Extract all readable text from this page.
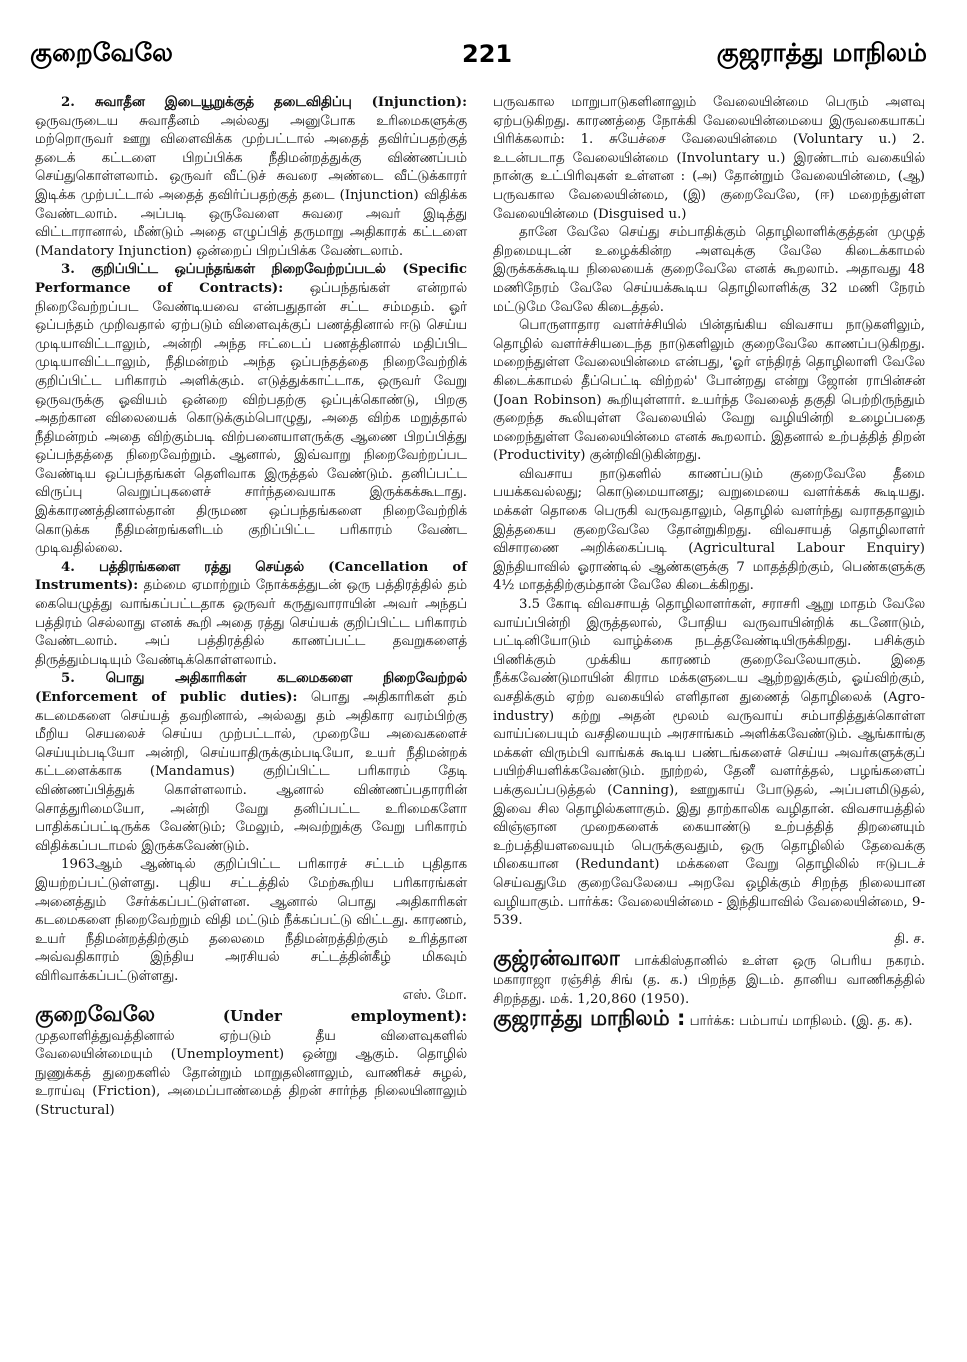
குறைவேலே	221	குஜராத்து மாநிலம்

2. சுவாதீன இடையூறுக்குத் தடைவிதிப்பு (Injunction): ஒருவருடைய சுவாதீனம் அல்லது அனுபோக உரிமைகளுக்கு மற்றொருவர் ஊறு விளைவிக்க முற்பட்டால் அதைத் தவிர்ப்பதற்குத் தடைக் கட்டளை பிறப்பிக்க நீதிமன்றத்துக்கு விண்ணப்பம் செய்துகொள்ளலாம். ஒருவர் வீட்டுச் சுவரை அண்டை வீட்டுக்காரர் இடிக்க முற்பட்டால் அதைத் தவிர்ப்பதற்குத் தடை (Injunction) விதிக்க வேண்டலாம். அப்படி ஒருவேளை சுவரை அவர் இடித்து விட்டாரானால், மீண்டும் அதை எழுப்பித் தருமாறு அதிகாரக் கட்டளை (Mandatory Injunction) ஒன்றைப் பிறப்பிக்க வேண்டலாம்.

3. குறிப்பிட்ட ஒப்பந்தங்கள் நிறைவேற்றப்படல் (Specific Performance of Contracts): ஒப்பந்தங்கள் என்றால் நிறைவேற்றப்பட வேண்டியவை என்பதுதான் சட்ட சம்மதம். ஓர் ஒப்பந்தம் முறிவதால் ஏற்படும் விளைவுக்குப் பணத்தினால் ஈடு செய்ய முடியாவிட்டாலும், அன்றி அந்த ஈட்டைப் பணத்தினால் மதிப்பிட முடியாவிட்டாலும், நீதிமன்றம் அந்த ஒப்பந்தத்தை நிறைவேற்றிக் குறிப்பிட்ட பரிகாரம் அளிக்கும். எடுத்துக்காட்டாக, ஒருவர் வேறு ஒருவருக்கு ஓவியம் ஒன்றை விற்பதற்கு ஒப்புக்கொண்டு, பிறகு அதற்கான விலையைக் கொடுக்கும்பொழுது, அதை விற்க மறுத்தால் நீதிமன்றம் அதை விற்கும்படி விற்பனையாளருக்கு ஆணை பிறப்பித்து ஒப்பந்தத்தை நிறைவேற்றும். ஆனால், இவ்வாறு நிறைவேற்றப்பட வேண்டிய ஒப்பந்தங்கள் தெளிவாக இருத்தல் வேண்டும். தனிப்பட்ட விருப்பு வெறுப்புகளைச் சார்ந்தவையாக இருக்கக்கூடாது. இக்காரணத்தினால்தான் திருமண ஒப்பந்தங்களை நிறைவேற்றிக் கொடுக்க நீதிமன்றங்களிடம் குறிப்பிட்ட பரிகாரம் வேண்ட முடிவதில்லை.

4. பத்திரங்களை ரத்து செய்தல் (Cancellation of Instruments): தம்மை ஏமாற்றும் நோக்கத்துடன் ஒரு பத்திரத்தில் தம் கையெழுத்து வாங்கப்பட்டதாக ஒருவர் கருதுவாராயின் அவர் அந்தப் பத்திரம் செல்லாது எனக் கூறி அதை ரத்து செய்யக் குறிப்பிட்ட பரிகாரம் வேண்டலாம். அப் பத்திரத்தில் காணப்பட்ட தவறுகளைத் திருத்தும்படியும் வேண்டிக்கொள்ளலாம்.

5. பொது அதிகாரிகள் கடமைகளை நிறைவேற்றல் (Enforcement of public duties): பொது அதிகாரிகள் தம் கடமைகளை செய்யத் தவறினால், அல்லது தம் அதிகார வரம்பிற்கு மீறிய செயலைச் செய்ய முற்பட்டால், முறையே அவைகளைச் செய்யும்படியோ அன்றி, செய்யாதிருக்கும்படியோ, உயர் நீதிமன்றக் கட்டளைக்காக (Mandamus) குறிப்பிட்ட பரிகாரம் தேடி விண்ணப்பித்துக் கொள்ளலாம். ஆனால் விண்ணப்பதாரரின் சொத்துரிமையோ, அன்றி வேறு தனிப்பட்ட உரிமைகளோ பாதிக்கப்பட்டிருக்க வேண்டும்; மேலும், அவற்றுக்கு வேறு பரிகாரம் விதிக்கப்படாமல் இருக்கவேண்டும்.

1963ஆம் ஆண்டில் குறிப்பிட்ட பரிகாரச் சட்டம் புதிதாக இயற்றப்பட்டுள்ளது. புதிய சட்டத்தில் மேற்கூறிய பரிகாரங்கள் அனைத்தும் சேர்க்கப்பட்டுள்ளன. ஆனால் பொது அதிகாரிகள் கடமைகளை நிறைவேற்றும் விதி மட்டும் நீக்கப்பட்டு விட்டது. காரணம், உயர் நீதிமன்றத்திற்கும் தலைமை நீதிமன்றத்திற்கும் உரித்தான அவ்வதிகாரம் இந்திய அரசியல் சட்டத்தின்கீழ் மிகவும் விரிவாக்கப்பட்டுள்ளது.

எஸ். மோ.

குறைவேலே	(Under employment): முதலாளித்துவத்தினால் ஏற்படும் தீய விளைவுகளில் வேலையின்மையும் (Unemployment) ஒன்று ஆகும். தொழில் நுணுக்கத் துறைகளில் தோன்றும் மாறுதலினாலும், வாணிகச் சுழல், உராய்வு (Friction), அமைப்பாண்மைத் திறன் சார்ந்த நிலையினாலும் (Structural)

பருவகால மாறுபாடுகளினாலும் வேலையின்மை பெரும் அளவு ஏற்படுகிறது. காரணத்தை நோக்கி வேலையின்மையை இருவகையாகப் பிரிக்கலாம்: 1. சுயேச்சை வேலையின்மை (Voluntary u.) 2. உடன்படாத வேலையின்மை (Involuntary u.) இரண்டாம் வகையில் நான்கு உட்பிரிவுகள் உள்ளன : (அ) தோன்றும் வேலையின்மை, (ஆ) பருவகால வேலையின்மை, (இ) குறைவேலே, (ஈ) மறைந்துள்ள வேலையின்மை (Disguised u.)

தானே வேலே செய்து சம்பாதிக்கும் தொழிலாளிக்குத்தன் முழுத் திறமையுடன் உழைக்கின்ற அளவுக்கு வேலே கிடைக்காமல் இருக்கக்கூடிய நிலையைக் குறைவேலே எனக் கூறலாம். அதாவது 48 மணிநேரம் வேலே செய்யக்கூடிய தொழிலாளிக்கு 32 மணி நேரம் மட்டுமே வேலே கிடைத்தல்.

பொருளாதார வளர்ச்சியில் பின்தங்கிய விவசாய நாடுகளிலும், தொழில் வளர்ச்சியடைந்த நாடுகளிலும் குறைவேலே காணப்படுகிறது. மறைந்துள்ள வேலையின்மை என்பது, 'ஓர் எந்திரத் தொழிலாளி வேலே கிடைக்காமல் தீப்பெட்டி விற்றல்' போன்றது என்று ஜோன் ராபின்சன் (Joan Robinson) கூறியுள்ளார். உயர்ந்த வேலைத் தகுதி பெற்றிருந்தும் குறைந்த கூலியுள்ள வேலையில் வேறு வழியின்றி உழைப்பதை மறைந்துள்ள வேலையின்மை எனக் கூறலாம். இதனால் உற்பத்தித் திறன் (Productivity) குன்றிவிடுகின்றது.

விவசாய நாடுகளில் காணப்படும் குறைவேலே தீமை பயக்கவல்லது; கொடுமையானது; வறுமையை வளர்க்கக் கூடியது. மக்கள் தொகை பெருகி வருவதாலும், தொழில் வளர்ந்து வராததாலும் இத்தகைய குறைவேலே தோன்றுகிறது. விவசாயத் தொழிலாளர் விசாரணை அறிக்கைப்படி (Agricultural Labour Enquiry) இந்தியாவில் ஓராண்டில் ஆண்களுக்கு 7 மாதத்திற்கும், பெண்களுக்கு 4½ மாதத்திற்கும்தான் வேலே கிடைக்கிறது.

3.5 கோடி விவசாயத் தொழிலாளர்கள், சராசரி ஆறு மாதம் வேலே வாய்ப்பின்றி இருத்தலால், போதிய வருவாயின்றிக் கடனோடும், பட்டினியோடும் வாழ்க்கை நடத்தவேண்டியிருக்கிறது. பசிக்கும் பிணிக்கும் முக்கிய காரணம் குறைவேலேயாகும். இதை நீக்கவேண்டுமாயின் கிராம மக்களுடைய ஆற்றலுக்கும், ஓய்விற்கும், வசதிக்கும் ஏற்ற வகையில் எளிதான துணைத் தொழிலைக் (Agro-industry) கற்று அதன் மூலம் வருவாய் சம்பாதித்துக்கொள்ள வாய்ப்பையும் வசதியையும் அரசாங்கம் அளிக்கவேண்டும். ஆங்காங்கு மக்கள் விரும்பி வாங்கக் கூடிய பண்டங்களைச் செய்ய அவர்களுக்குப் பயிற்சியளிக்கவேண்டும். நூற்றல், தேனீ வளர்த்தல், பழங்களைப் பக்குவப்படுத்தல் (Canning), ஊறுகாய் போடுதல், அப்பளமிடுதல், இவை சில தொழில்களாகும். இது தாற்காலிக வழிதான். விவசாயத்தில் விஞ்ஞான முறைகளைக் கையாண்டு உற்பத்தித் திறனையும் உற்பத்தியளவையும் பெருக்குவதும், ஒரு தொழிலில் தேவைக்கு மிகையான (Redundant) மக்களை வேறு தொழிலில் ஈடுபடச் செய்வதுமே குறைவேலேயை அறவே ஒழிக்கும் சிறந்த நிலையான வழியாகும். பார்க்க: வேலையின்மை - இந்தியாவில் வேலையின்மை, 9-539.

தி. ச.

குஜ்ரன்வாலா பாக்கிஸ்தானில் உள்ள ஒரு பெரிய நகரம். மகாராஜா ரஞ்சித் சிங் (த. க.) பிறந்த இடம். தானிய வாணிகத்தில் சிறந்தது. மக். 1,20,860 (1950).

குஜராத்து மாநிலம் : பார்க்க: பம்பாய் மாநிலம். (இ. த. க).
